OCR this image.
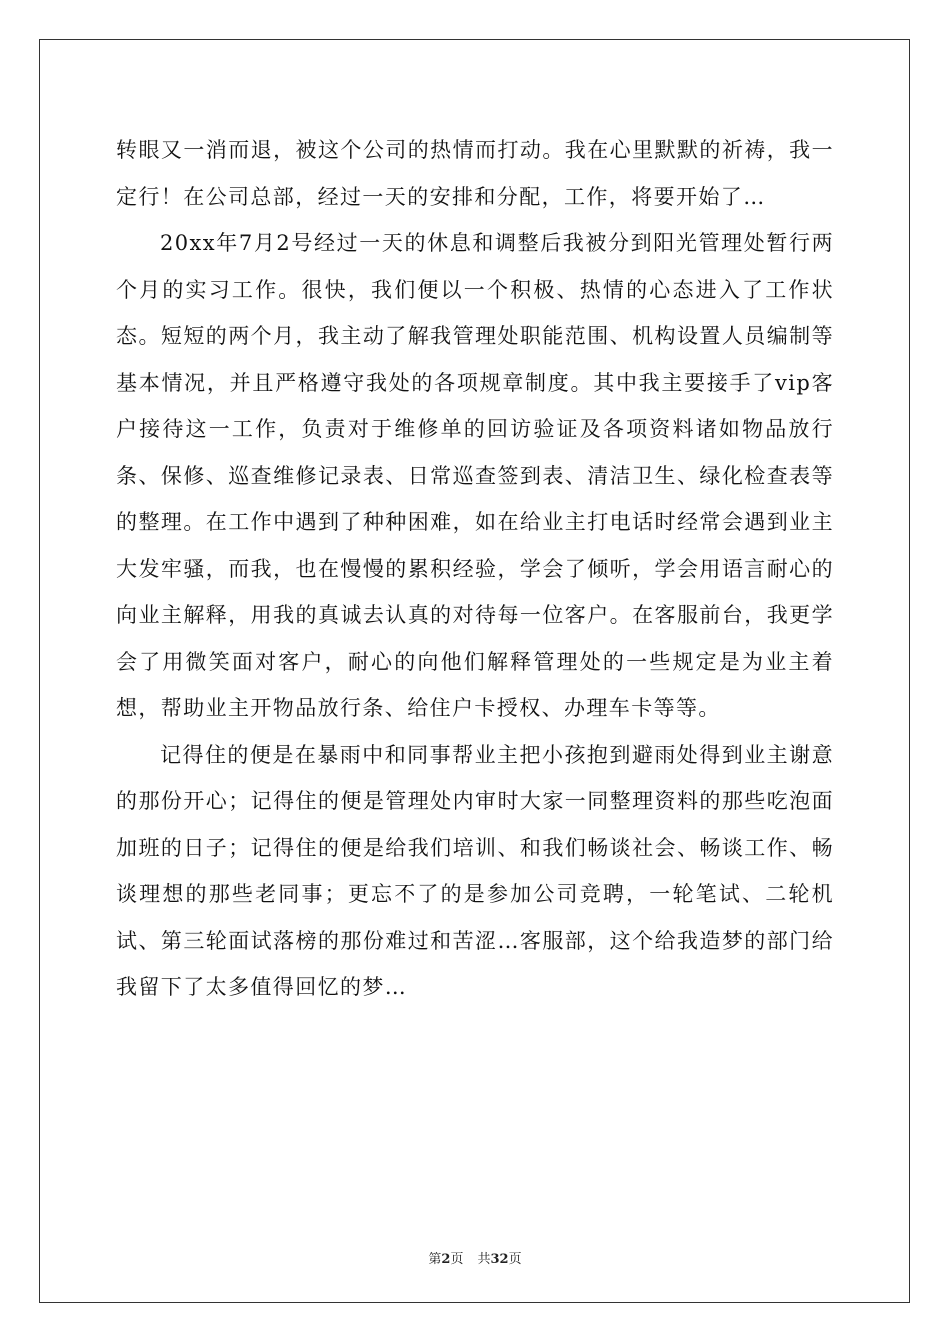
转眼又一消而退，被这个公司的热情而打动。我在心里默默的祈祷，我一定行！在公司总部，经过一天的安排和分配，工作，将要开始了…

20xx年7月2号经过一天的休息和调整后我被分到阳光管理处暂行两个月的实习工作。很快，我们便以一个积极、热情的心态进入了工作状态。短短的两个月，我主动了解我管理处职能范围、机构设置人员编制等基本情况，并且严格遵守我处的各项规章制度。其中我主要接手了vip客户接待这一工作，负责对于维修单的回访验证及各项资料诸如物品放行条、保修、巡查维修记录表、日常巡查签到表、清洁卫生、绿化检查表等的整理。在工作中遇到了种种困难，如在给业主打电话时经常会遇到业主大发牢骚，而我，也在慢慢的累积经验，学会了倾听，学会用语言耐心的向业主解释，用我的真诚去认真的对待每一位客户。在客服前台，我更学会了用微笑面对客户，耐心的向他们解释管理处的一些规定是为业主着想，帮助业主开物品放行条、给住户卡授权、办理车卡等等。

记得住的便是在暴雨中和同事帮业主把小孩抱到避雨处得到业主谢意的那份开心；记得住的便是管理处内审时大家一同整理资料的那些吃泡面加班的日子；记得住的便是给我们培训、和我们畅谈社会、畅谈工作、畅谈理想的那些老同事；更忘不了的是参加公司竞聘，一轮笔试、二轮机试、第三轮面试落榜的那份难过和苦涩…客服部，这个给我造梦的部门给我留下了太多值得回忆的梦…

第2页 共32页
